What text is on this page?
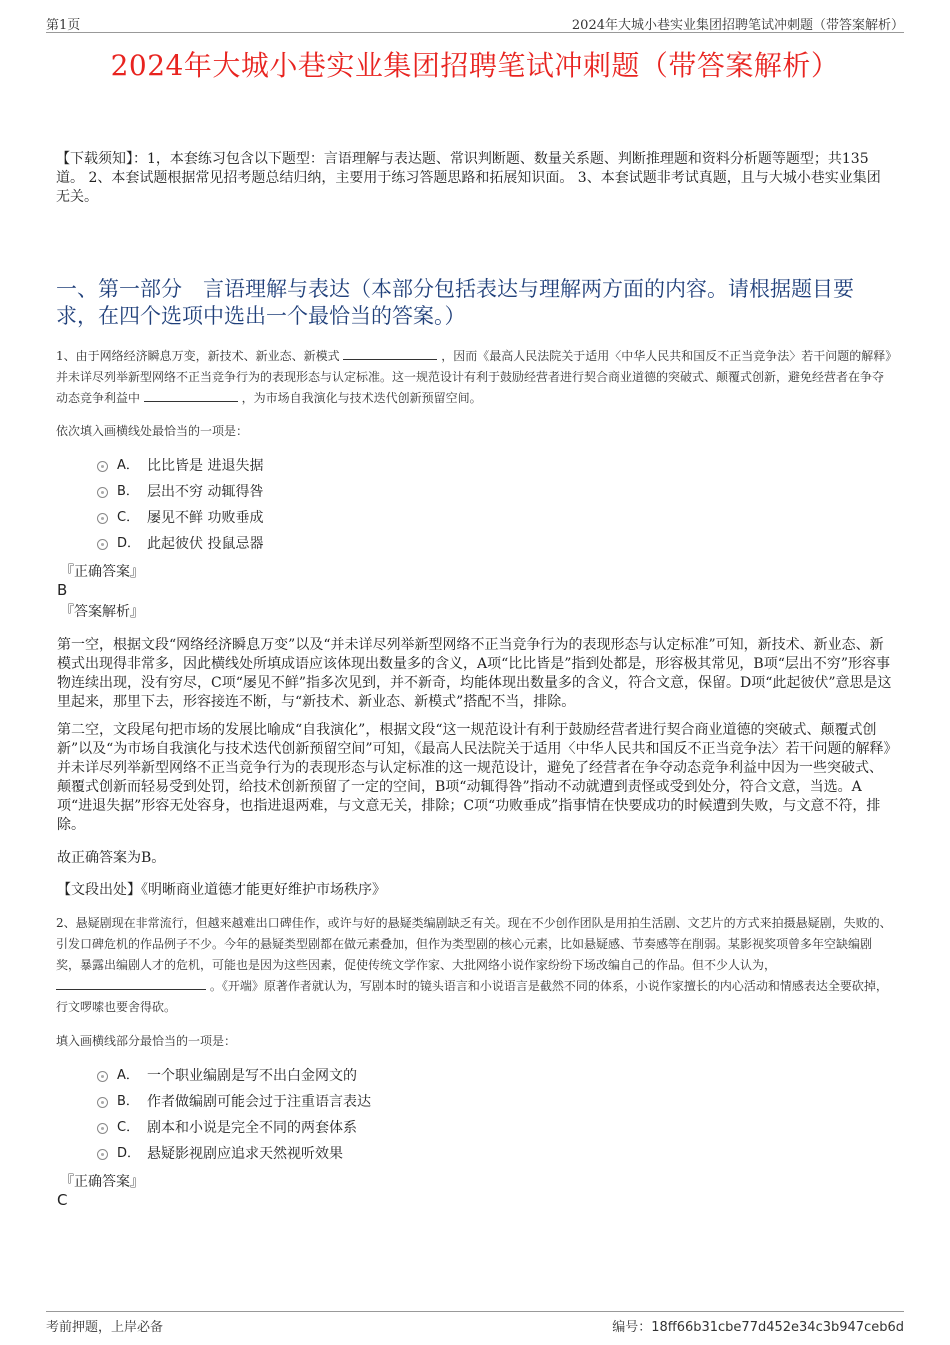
第1页	2024年大城小巷实业集团招聘笔试冲刺题（带答案解析）
2024年大城小巷实业集团招聘笔试冲刺题（带答案解析）
【下载须知】：1，本套练习包含以下题型：言语理解与表达题、常识判断题、数量关系题、判断推理题和资料分析题等题型；共135道。 2、本套试题根据常见招考题总结归纳，主要用于练习答题思路和拓展知识面。 3、本套试题非考试真题，且与大城小巷实业集团无关。
一、第一部分　言语理解与表达（本部分包括表达与理解两方面的内容。请根据题目要求，在四个选项中选出一个最恰当的答案。）
1、由于网络经济瞬息万变，新技术、新业态、新模式	，因而《最高人民法院关于适用〈中华人民共和国反不正当竞争法〉若干问题的解释》并未详尽列举新型网络不正当竞争行为的表现形态与认定标准。这一规范设计有利于鼓励经营者进行契合商业道德的突破式、颠覆式创新，避免经营者在争夺动态竞争利益中	，为市场自我演化与技术迭代创新预留空间。
依次填入画横线处最恰当的一项是：
A． 比比皆是 进退失据
B． 层出不穷 动辄得咎
C． 屡见不鲜 功败垂成
D． 此起彼伏 投鼠忌器
『正确答案』
B
『答案解析』
第一空，根据文段“网络经济瞬息万变”以及“并未详尽列举新型网络不正当竞争行为的表现形态与认定标准”可知，新技术、新业态、新模式出现得非常多，因此横线处所填成语应该体现出数量多的含义，A项“比比皆是”指到处都是，形容极其常见，B项“层出不穷”形容事物连续出现，没有穷尽，C项“屡见不鲜”指多次见到，并不新奇，均能体现出数量多的含义，符合文意，保留。D项“此起彼伏”意思是这里起来，那里下去，形容接连不断，与“新技术、新业态、新模式”搭配不当，排除。
第二空，文段尾句把市场的发展比喻成“自我演化”，根据文段“这一规范设计有利于鼓励经营者进行契合商业道德的突破式、颠覆式创新”以及“为市场自我演化与技术迭代创新预留空间”可知，《最高人民法院关于适用〈中华人民共和国反不正当竞争法〉若干问题的解释》并未详尽列举新型网络不正当竞争行为的表现形态与认定标准的这一规范设计，避免了经营者在争夺动态竞争利益中因为一些突破式、颠覆式创新而轻易受到处罚，给技术创新预留了一定的空间，B项“动辄得咎”指动不动就遭到责怪或受到处分，符合文意，当选。A项“进退失据”形容无处容身，也指进退两难，与文意无关，排除；C项“功败垂成”指事情在快要成功的时候遭到失败，与文意不符，排除。
故正确答案为B。
【文段出处】《明晰商业道德才能更好维护市场秩序》
2、悬疑剧现在非常流行，但越来越难出口碑佳作，或许与好的悬疑类编剧缺乏有关。现在不少创作团队是用拍生活剧、文艺片的方式来拍摄悬疑剧，失败的、引发口碑危机的作品例子不少。今年的悬疑类型剧都在做元素叠加，但作为类型剧的核心元素，比如悬疑感、节奏感等在削弱。某影视奖项曾多年空缺编剧奖，暴露出编剧人才的危机，可能也是因为这些因素，促使传统文学作家、大批网络小说作家纷纷下场改编自己的作品。但不少人认为，  。《开端》原著作者就认为，写剧本时的镜头语言和小说语言是截然不同的体系，小说作家擅长的内心活动和情感表达全要砍掉，行文啰嗦也要舍得砍。
填入画横线部分最恰当的一项是：
A． 一个职业编剧是写不出白金网文的
B． 作者做编剧可能会过于注重语言表达
C． 剧本和小说是完全不同的两套体系
D． 悬疑影视剧应追求天然视听效果
『正确答案』
C
考前押题，上岸必备	编号：18ff66b31cbe77d452e34c3b947ceb6d
